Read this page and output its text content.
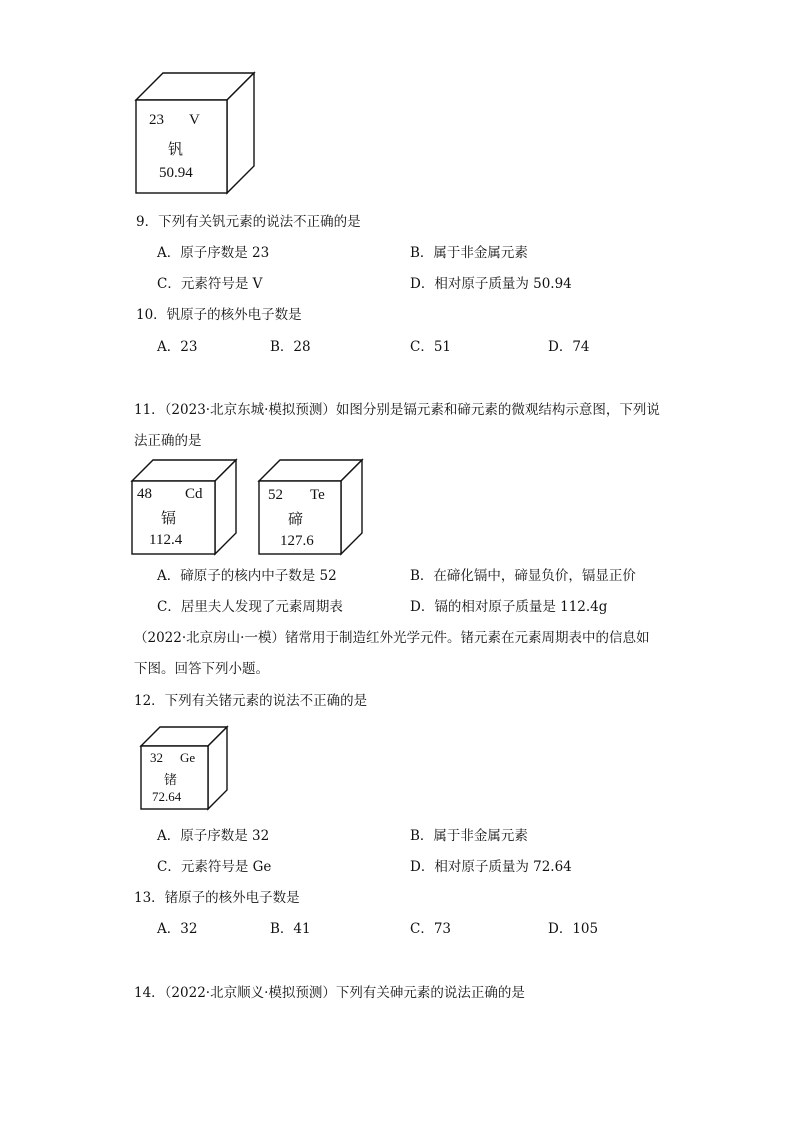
23 V
钒
50.94
9．下列有关钒元素的说法不正确的是
A．原子序数是 23	B．属于非金属元素
C．元素符号是 V	D．相对原子质量为 50.94
10．钒原子的核外电子数是
A．23	B．28	C．51	D．74
11．（2023·北京东城·模拟预测）如图分别是镉元素和碲元素的微观结构示意图，下列说
法正确的是
48 Cd
镉
112.4
52 Te
碲
127.6
A．碲原子的核内中子数是 52	B．在碲化镉中，碲显负价，镉显正价
C．居里夫人发现了元素周期表	D．镉的相对原子质量是 112.4g
（2022·北京房山·一模）锗常用于制造红外光学元件。锗元素在元素周期表中的信息如
下图。回答下列小题。
12．下列有关锗元素的说法不正确的是
32 Ge
锗
72.64
A．原子序数是 32	B．属于非金属元素
C．元素符号是 Ge	D．相对原子质量为 72.64
13．锗原子的核外电子数是
A．32	B．41	C．73	D．105
14．（2022·北京顺义·模拟预测）下列有关砷元素的说法正确的是
